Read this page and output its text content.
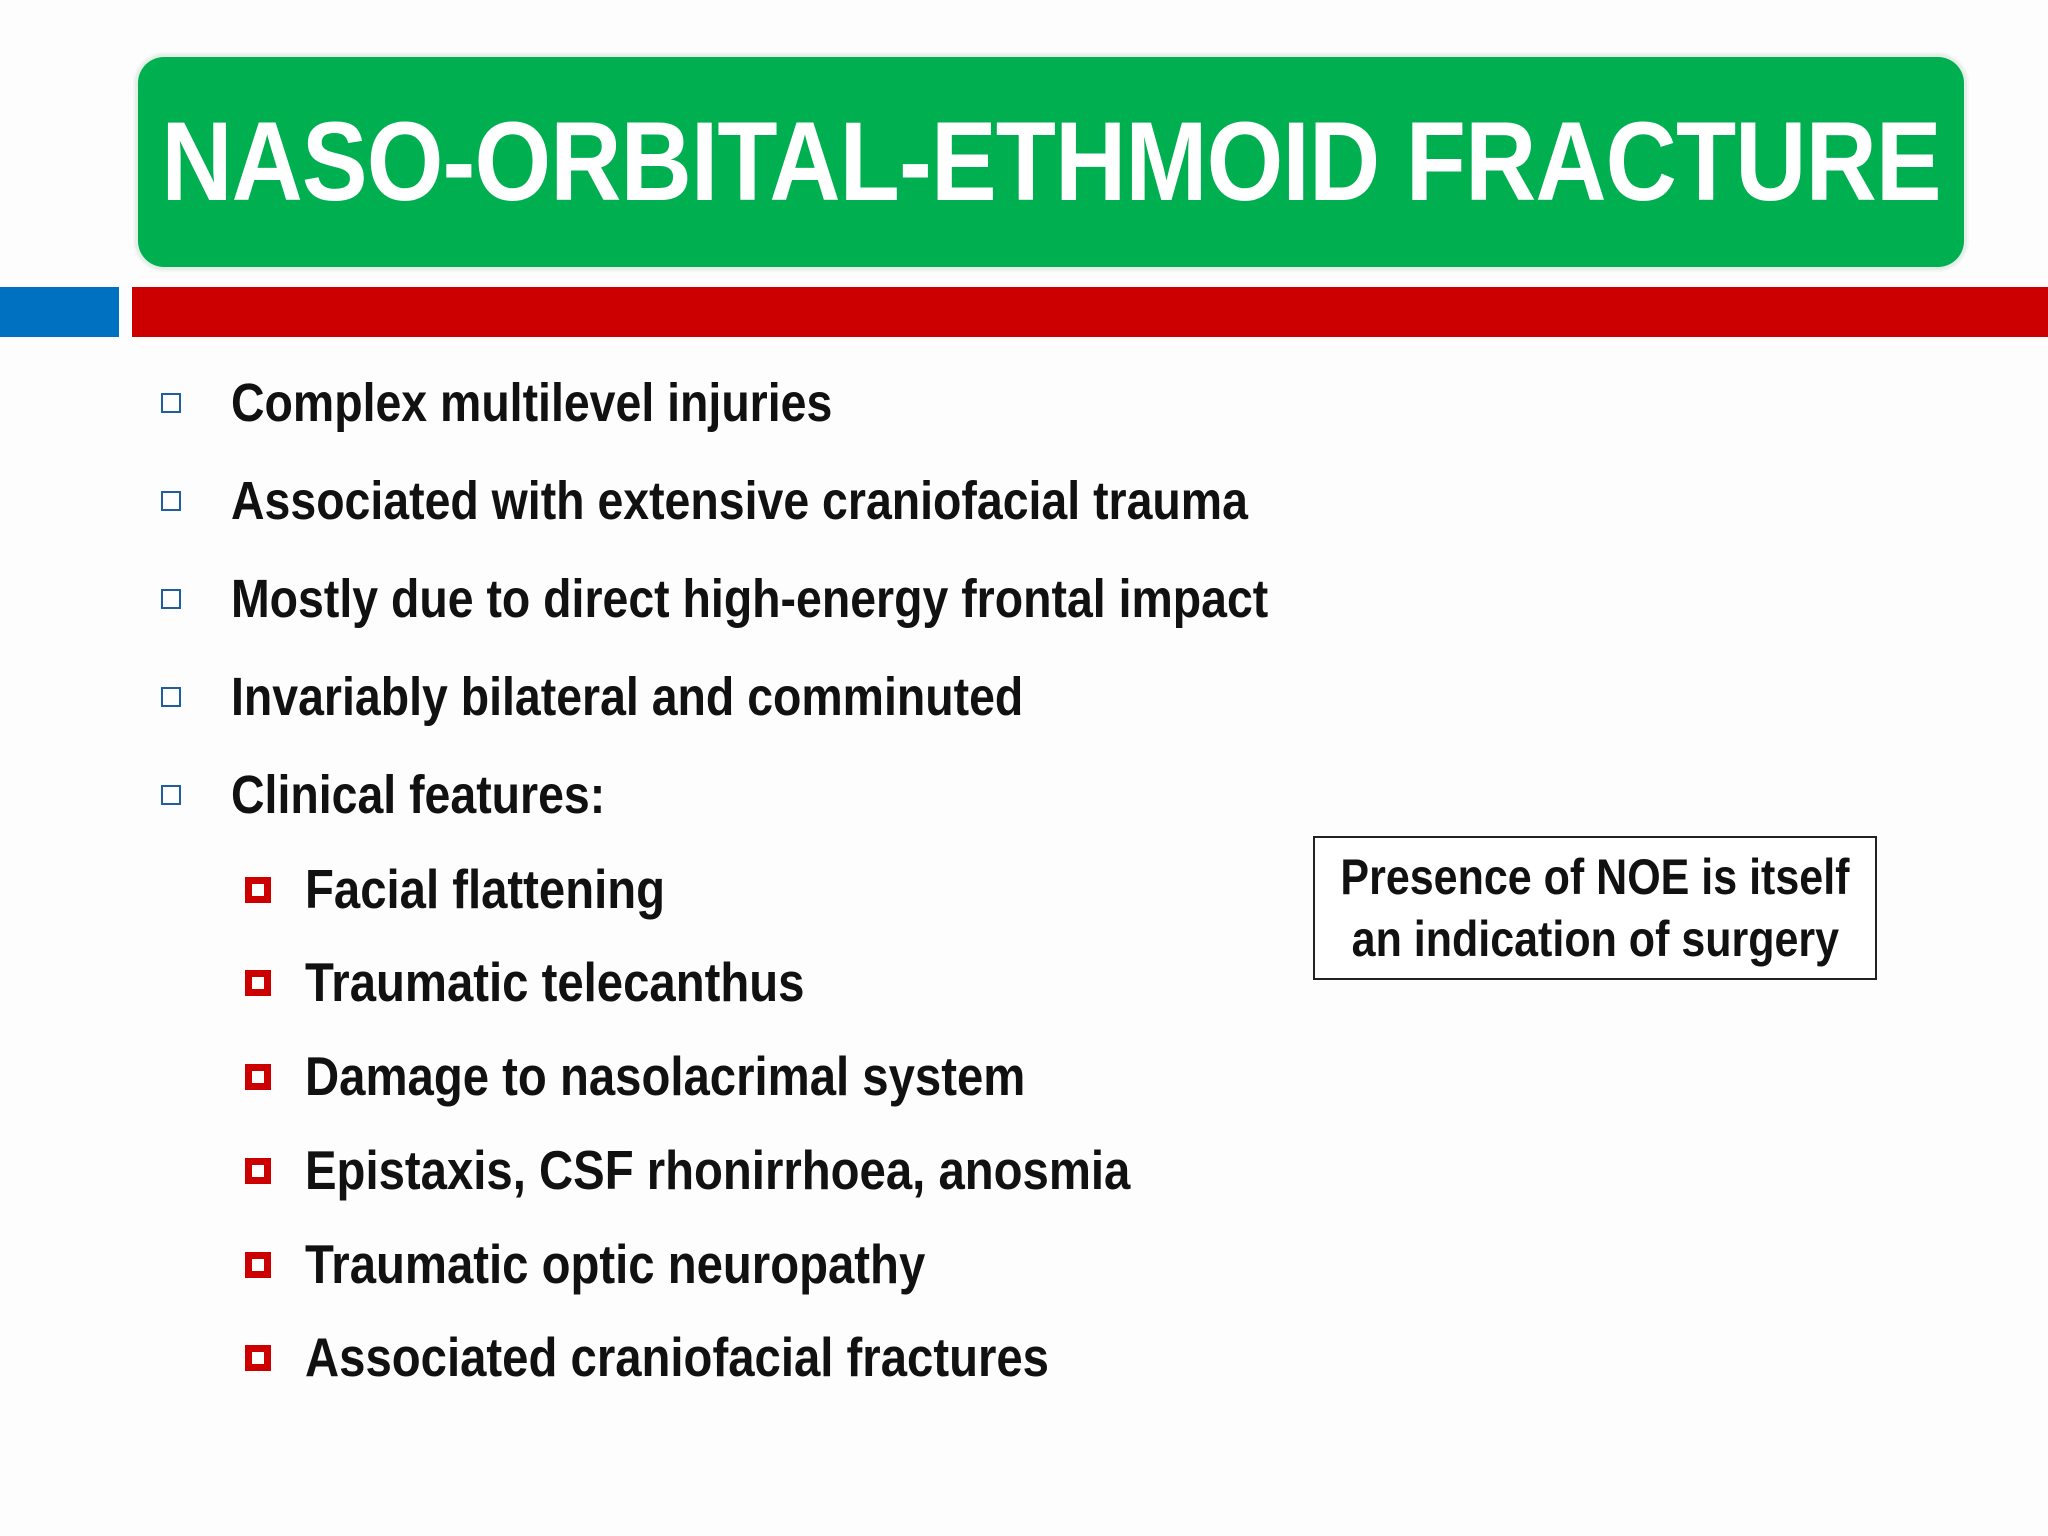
NASO-ORBITAL-ETHMOID FRACTURE
Complex multilevel injuries
Associated with extensive craniofacial trauma
Mostly due to direct high-energy frontal impact
Invariably bilateral and comminuted
Clinical features:
Facial flattening
Traumatic telecanthus
Damage to nasolacrimal system
Epistaxis, CSF rhonirrhoea, anosmia
Traumatic optic neuropathy
Associated craniofacial fractures
Presence of NOE is itself
an indication of surgery
